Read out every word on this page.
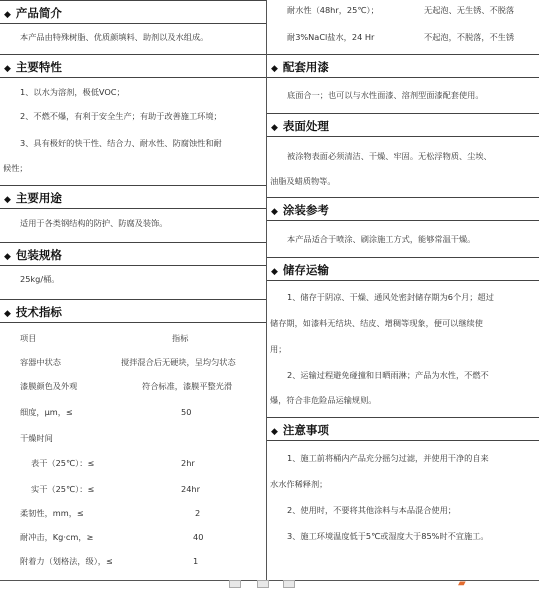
◆ 产品简介
本产品由特殊树脂、优质颜填料、助剂以及水组成。
◆ 主要特性
1、以水为溶剂，极低VOC；
2、不燃不爆，有利于安全生产；有助于改善施工环境；
3、具有极好的快干性、结合力、耐水性、防腐蚀性和耐
候性；
◆ 主要用途
适用于各类钢结构的防护、防腐及装饰。
◆ 包装规格
25kg/桶。
◆ 技术指标
项目	指标
容器中状态	搅拌混合后无硬块，呈均匀状态
漆膜颜色及外观	符合标准，漆膜平整光滑
细度，μm，≤	50
干燥时间
表干（25℃）：≤	2hr
实干（25℃）：≤	24hr
柔韧性，mm，≤	2
耐冲击，Kg·cm，≥	40
附着力（划格法，级），≤	1
耐水性（48hr，25℃）；	无起泡、无生锈、不脱落
耐3%NaCl盐水，24 Hr	不起泡，不脱落，不生锈
◆ 配套用漆
底面合一；也可以与水性面漆、溶剂型面漆配套使用。
◆ 表面处理
被涂物表面必须清洁、干燥、牢固。无松浮物质、尘埃、
油脂及蜡质物等。
◆ 涂装参考
本产品适合于喷涂、刷涂施工方式，能够常温干燥。
◆ 储存运输
1、储存于阴凉、干燥、通风处密封储存期为6个月；超过
储存期，如漆料无结块、结皮、增稠等现象，便可以继续使
用；
2、运输过程避免碰撞和日晒雨淋；产品为水性，不燃不
爆，符合非危险品运输规则。
◆ 注意事项
1、施工前将桶内产品充分摇匀过滤，并使用干净的自来
水水作稀释剂；
2、使用时，不要将其他涂料与本品混合使用；
3、施工环境温度低于5℃或湿度大于85%时不宜施工。
▰
